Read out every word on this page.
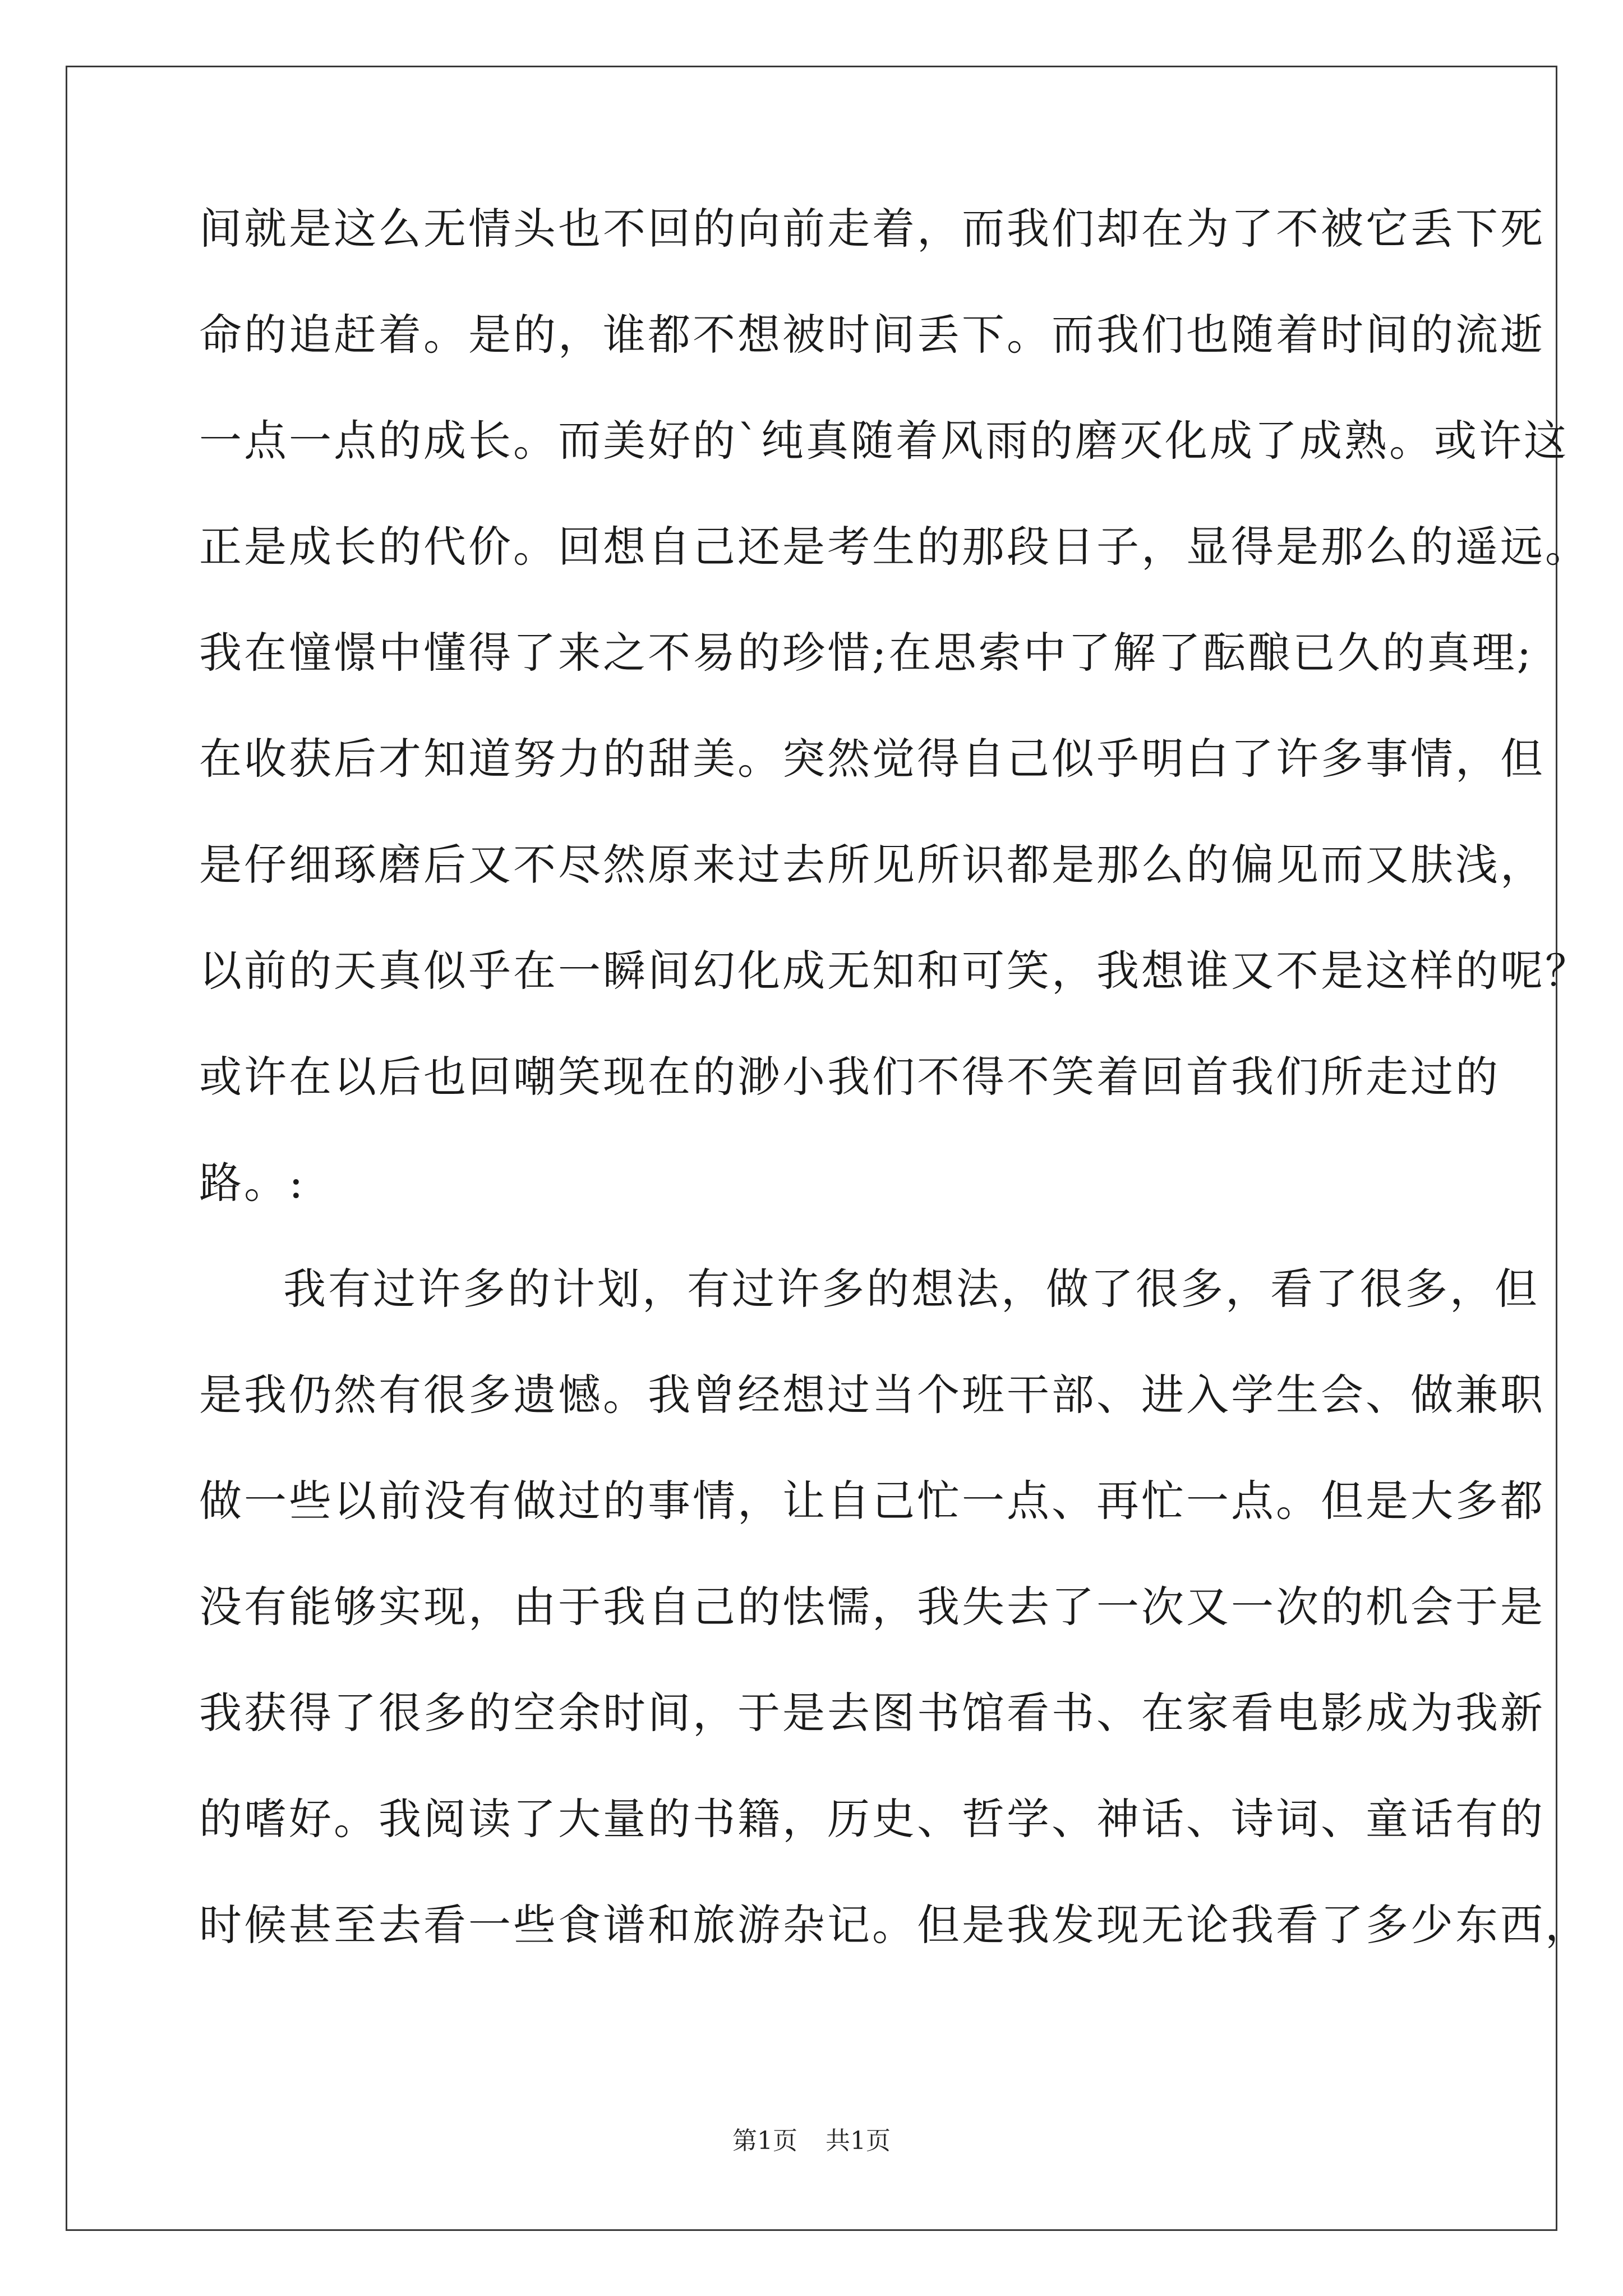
间就是这么无情头也不回的向前走着，而我们却在为了不被它丢下死
命的追赶着。是的，谁都不想被时间丢下。而我们也随着时间的流逝
一点一点的成长。而美好的`纯真随着风雨的磨灭化成了成熟。或许这
正是成长的代价。回想自己还是考生的那段日子，显得是那么的遥远。
我在憧憬中懂得了来之不易的珍惜;在思索中了解了酝酿已久的真理;
在收获后才知道努力的甜美。突然觉得自己似乎明白了许多事情，但
是仔细琢磨后又不尽然原来过去所见所识都是那么的偏见而又肤浅，
以前的天真似乎在一瞬间幻化成无知和可笑，我想谁又不是这样的呢？
或许在以后也回嘲笑现在的渺小我们不得不笑着回首我们所走过的
路。:
我有过许多的计划，有过许多的想法，做了很多，看了很多，但
是我仍然有很多遗憾。我曾经想过当个班干部、进入学生会、做兼职
做一些以前没有做过的事情，让自己忙一点、再忙一点。但是大多都
没有能够实现，由于我自己的怯懦，我失去了一次又一次的机会于是
我获得了很多的空余时间，于是去图书馆看书、在家看电影成为我新
的嗜好。我阅读了大量的书籍，历史、哲学、神话、诗词、童话有的
时候甚至去看一些食谱和旅游杂记。但是我发现无论我看了多少东西，
第1页 共1页
